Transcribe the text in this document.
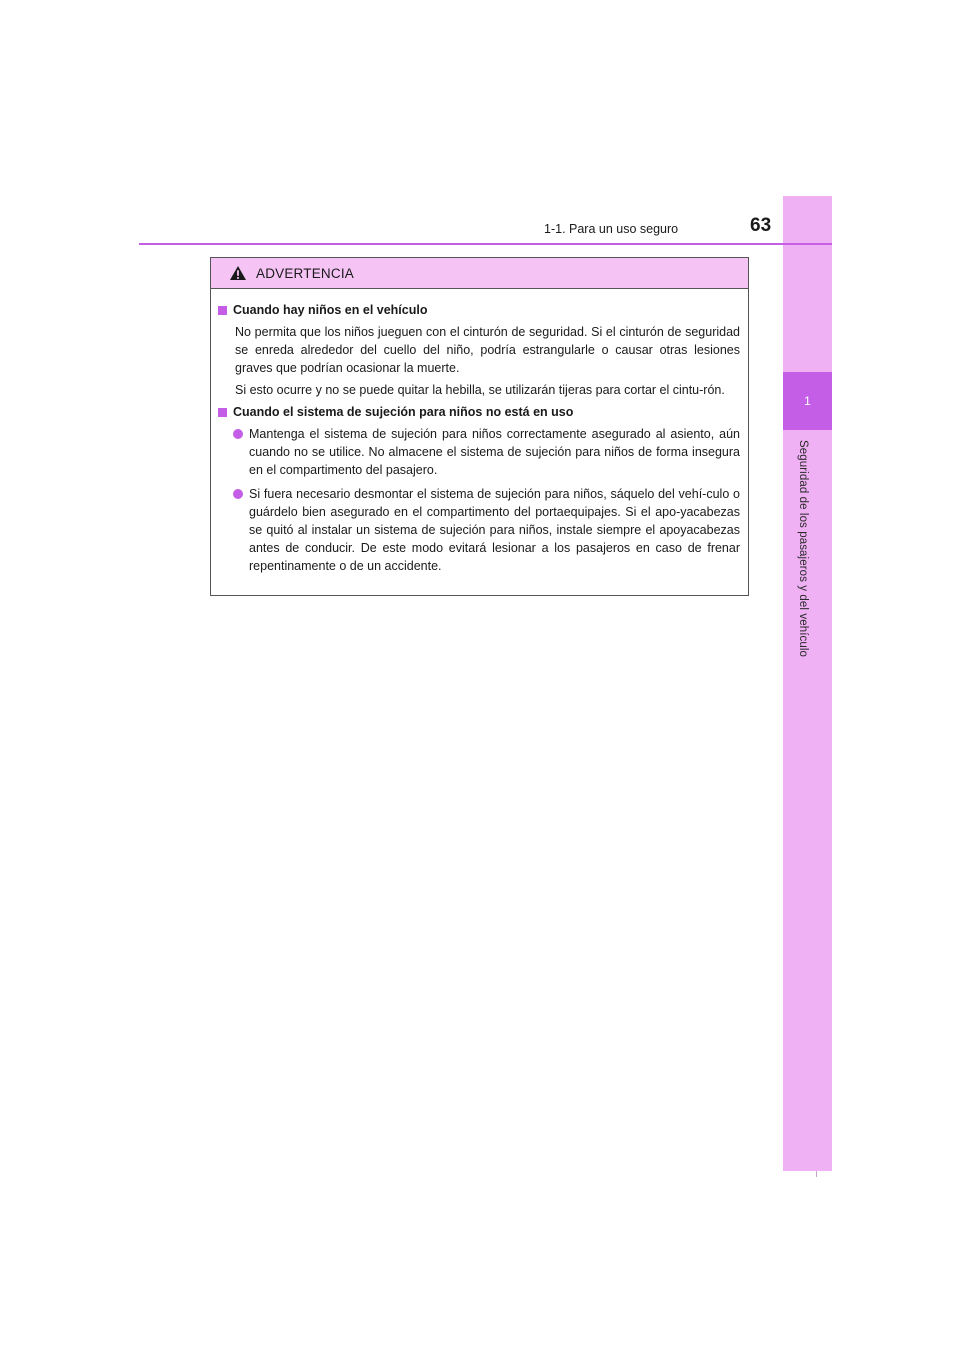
1
Seguridad de los pasajeros y del vehículo
1-1. Para un uso seguro	63
ADVERTENCIA
Cuando hay niños en el vehículo
No permita que los niños jueguen con el cinturón de seguridad. Si el cinturón de seguridad se enreda alrededor del cuello del niño, podría estrangularle o causar otras lesiones graves que podrían ocasionar la muerte.
Si esto ocurre y no se puede quitar la hebilla, se utilizarán tijeras para cortar el cintu-rón.
Cuando el sistema de sujeción para niños no está en uso
Mantenga el sistema de sujeción para niños correctamente asegurado al asiento, aún cuando no se utilice. No almacene el sistema de sujeción para niños de forma insegura en el compartimento del pasajero.
Si fuera necesario desmontar el sistema de sujeción para niños, sáquelo del vehí-culo o guárdelo bien asegurado en el compartimento del portaequipajes. Si el apo-yacabezas se quitó al instalar un sistema de sujeción para niños, instale siempre el apoyacabezas antes de conducir. De este modo evitará lesionar a los pasajeros en caso de frenar repentinamente o de un accidente.
